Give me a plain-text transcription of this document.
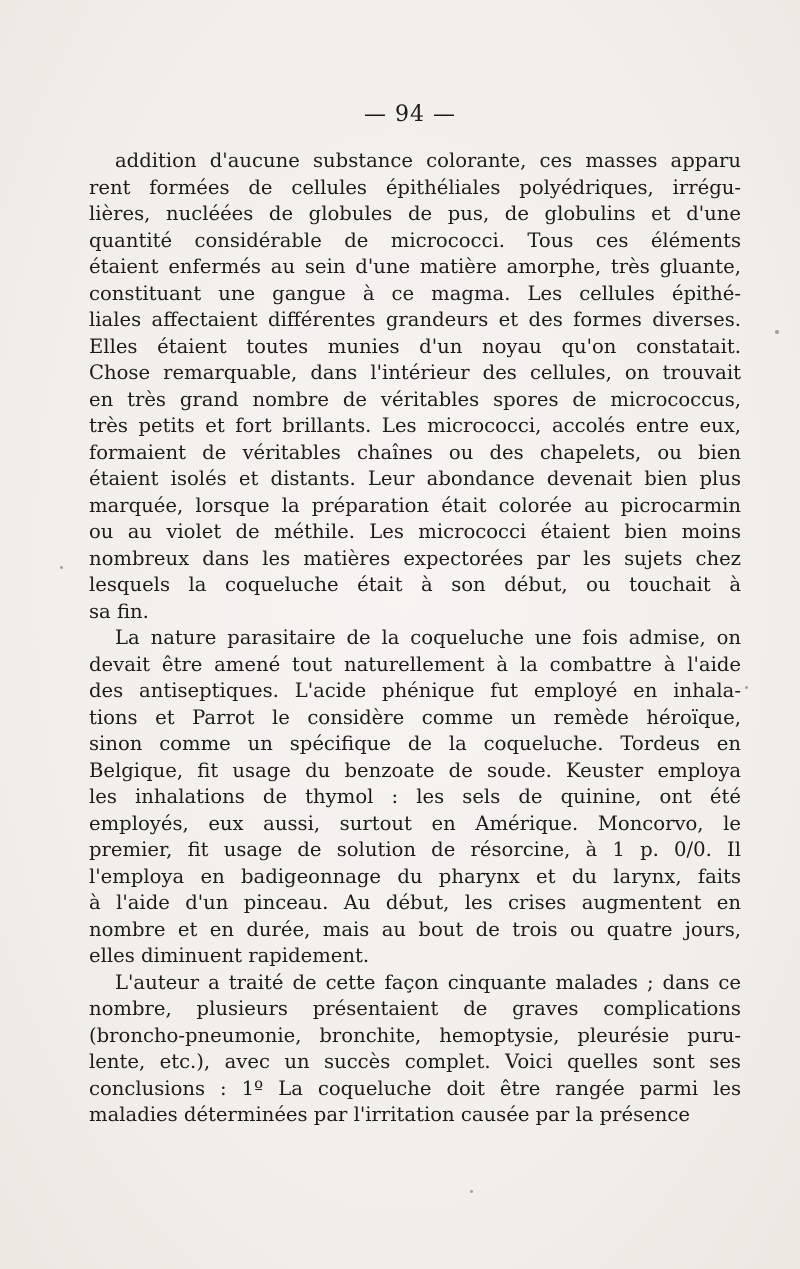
— 94 —
addition d'aucune substance colorante, ces masses apparu
rent formées de cellules épithéliales polyédriques, irrégu-
lières, nucléées de globules de pus, de globulins et d'une
quantité considérable de micrococci. Tous ces éléments
étaient enfermés au sein d'une matière amorphe, très gluante,
constituant une gangue à ce magma. Les cellules épithé-
liales affectaient différentes grandeurs et des formes diverses.
Elles étaient toutes munies d'un noyau qu'on constatait.
Chose remarquable, dans l'intérieur des cellules, on trouvait
en très grand nombre de véritables spores de micrococcus,
très petits et fort brillants. Les micrococci, accolés entre eux,
formaient de véritables chaînes ou des chapelets, ou bien
étaient isolés et distants. Leur abondance devenait bien plus
marquée, lorsque la préparation était colorée au picrocarmin
ou au violet de méthile. Les micrococci étaient bien moins
nombreux dans les matières expectorées par les sujets chez
lesquels la coqueluche était à son début, ou touchait à
sa fin.
La nature parasitaire de la coqueluche une fois admise, on
devait être amené tout naturellement à la combattre à l'aide
des antiseptiques. L'acide phénique fut employé en inhala-
tions et Parrot le considère comme un remède héroïque,
sinon comme un spécifique de la coqueluche. Tordeus en
Belgique, fit usage du benzoate de soude. Keuster employa
les inhalations de thymol : les sels de quinine, ont été
employés, eux aussi, surtout en Amérique. Moncorvo, le
premier, fit usage de solution de résorcine, à 1 p. 0/0. Il
l'employa en badigeonnage du pharynx et du larynx, faits
à l'aide d'un pinceau. Au début, les crises augmentent en
nombre et en durée, mais au bout de trois ou quatre jours,
elles diminuent rapidement.
L'auteur a traité de cette façon cinquante malades ; dans ce
nombre, plusieurs présentaient de graves complications
(broncho-pneumonie, bronchite, hemoptysie, pleurésie puru-
lente, etc.), avec un succès complet. Voici quelles sont ses
conclusions : 1º La coqueluche doit être rangée parmi les
maladies déterminées par l'irritation causée par la présence
